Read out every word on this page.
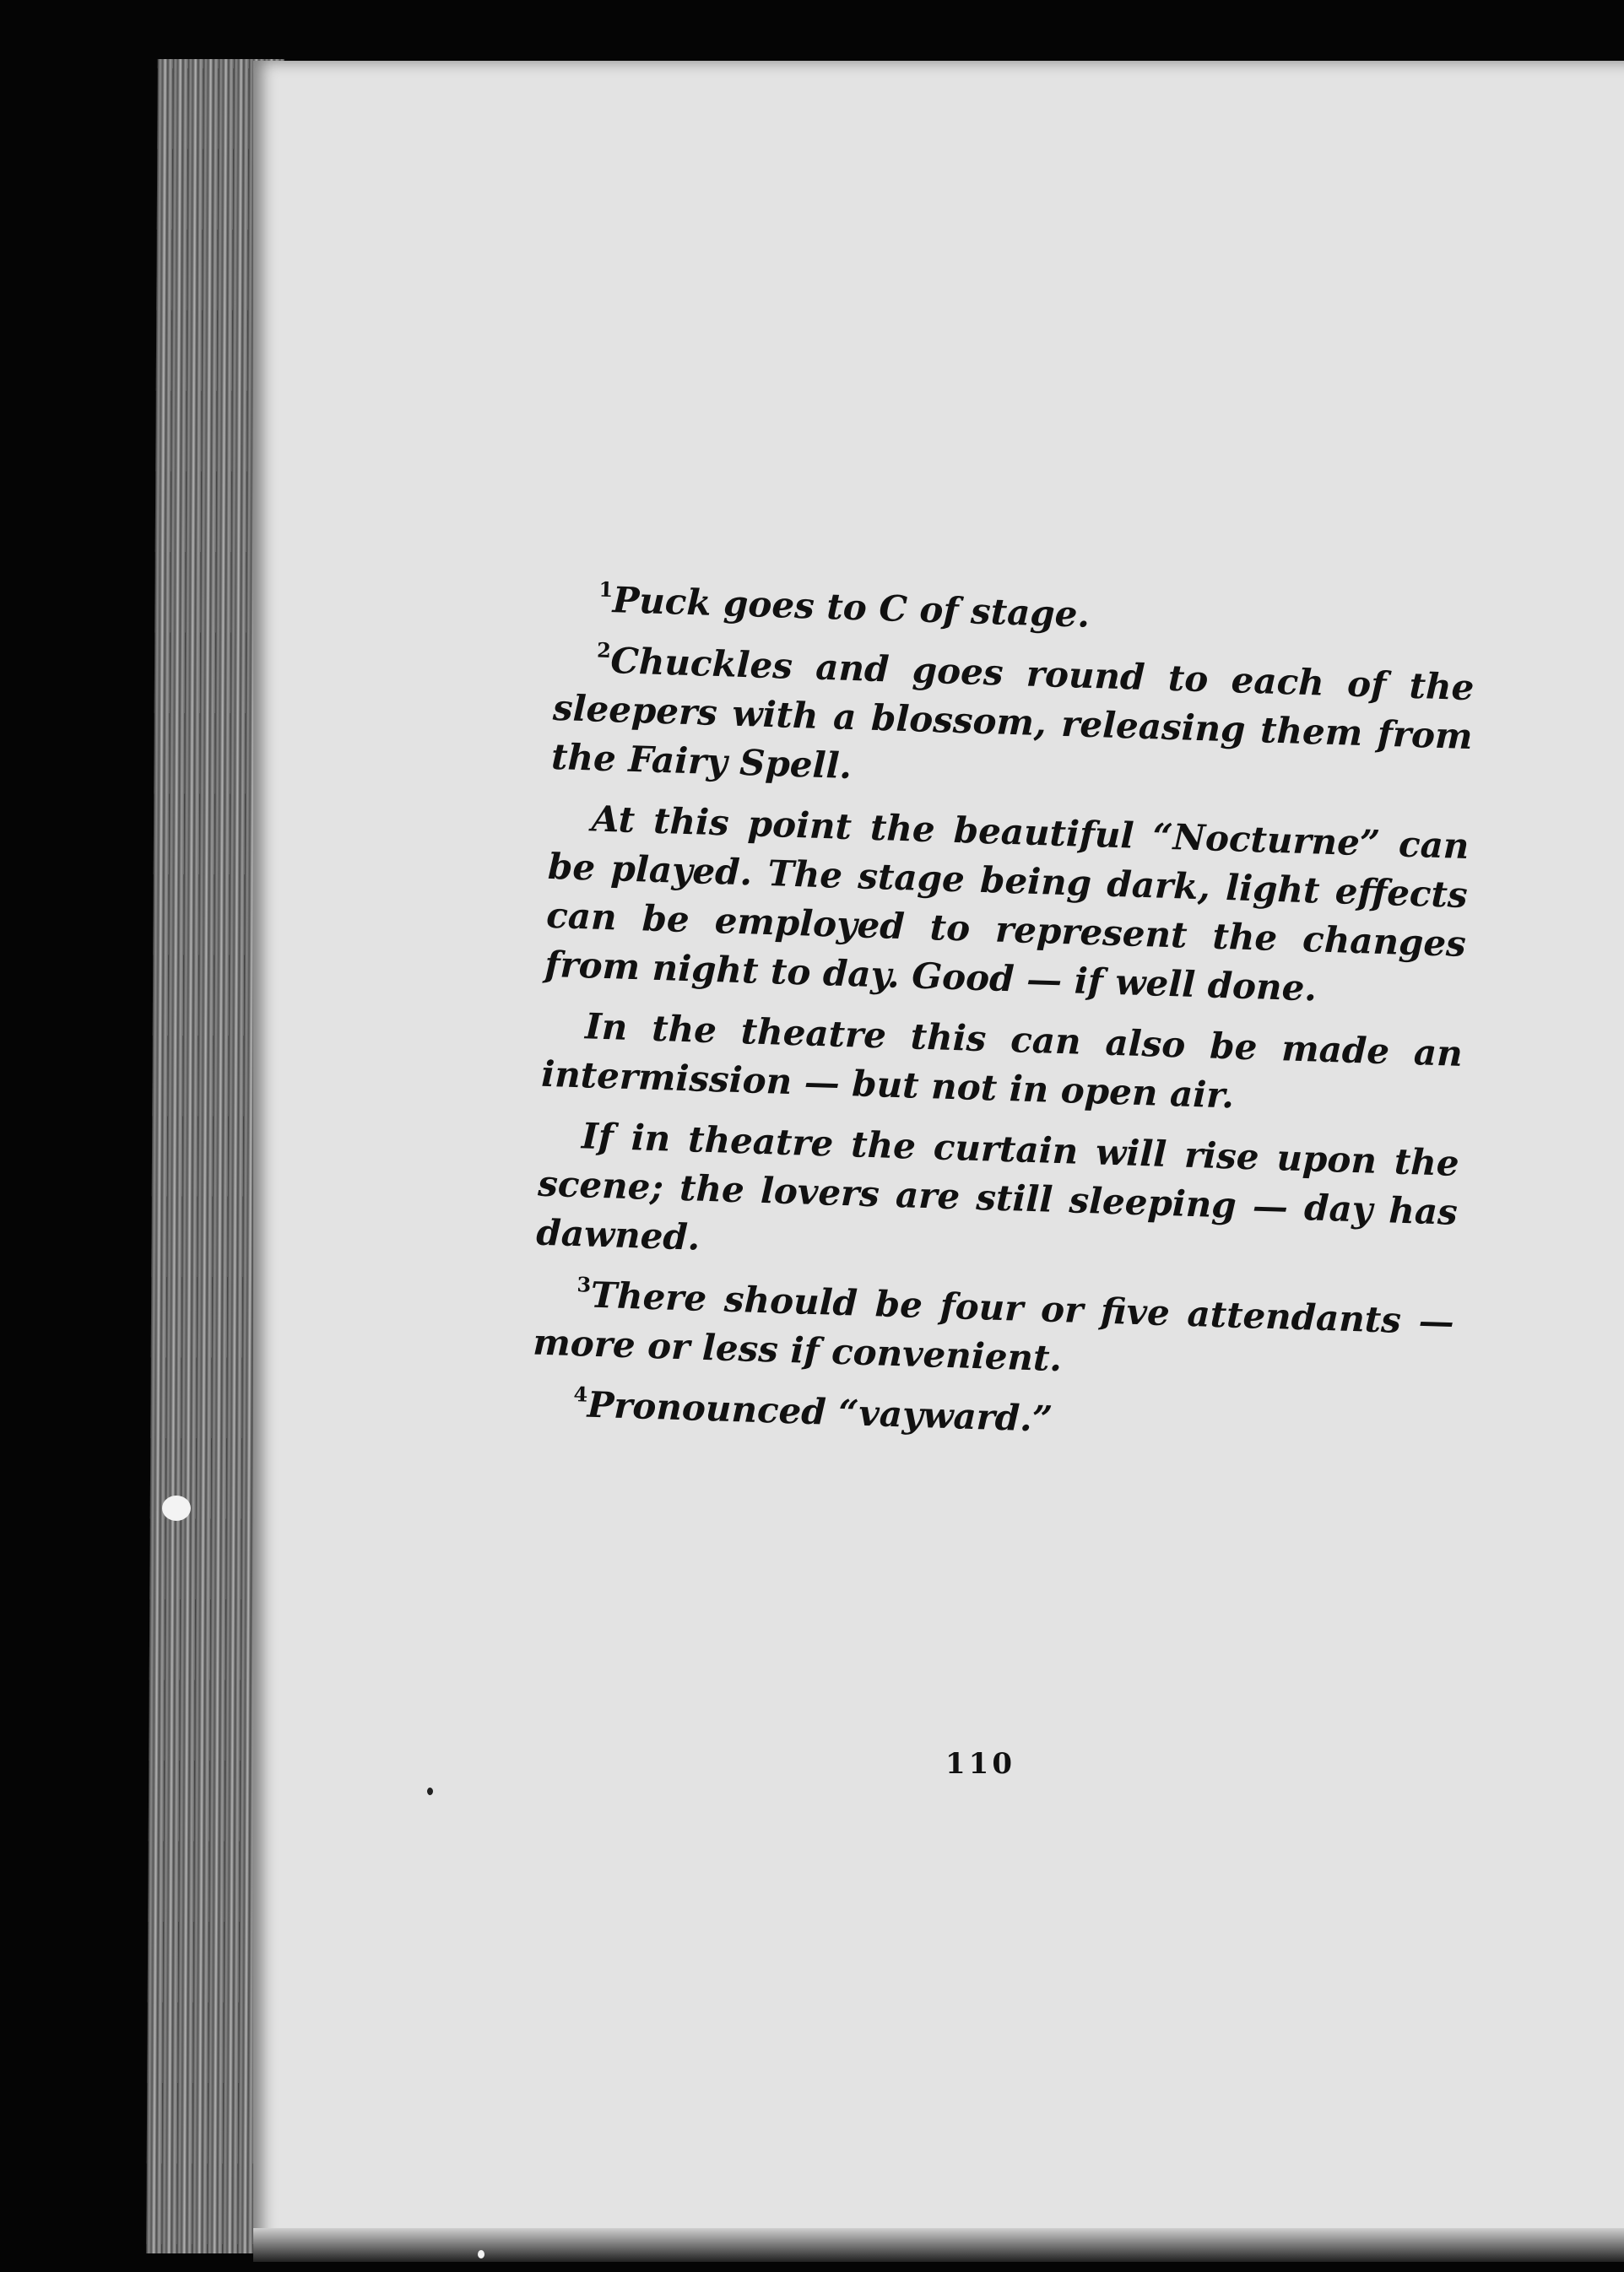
$^1$Puck goes to C of stage.

$^2$Chuckles and goes round to each of the sleepers with a blossom, releasing them from the Fairy Spell.

At this point the beautiful “Nocturne” can be played. The stage being dark, light effects can be employed to represent the changes from night to day. Good — if well done.

In the theatre this can also be made an intermission — but not in open air.

If in theatre the curtain will rise upon the scene; the lovers are still sleeping — day has dawned.

$^3$There should be four or five attendants — more or less if convenient.

$^4$Pronounced “vayward.”

110
